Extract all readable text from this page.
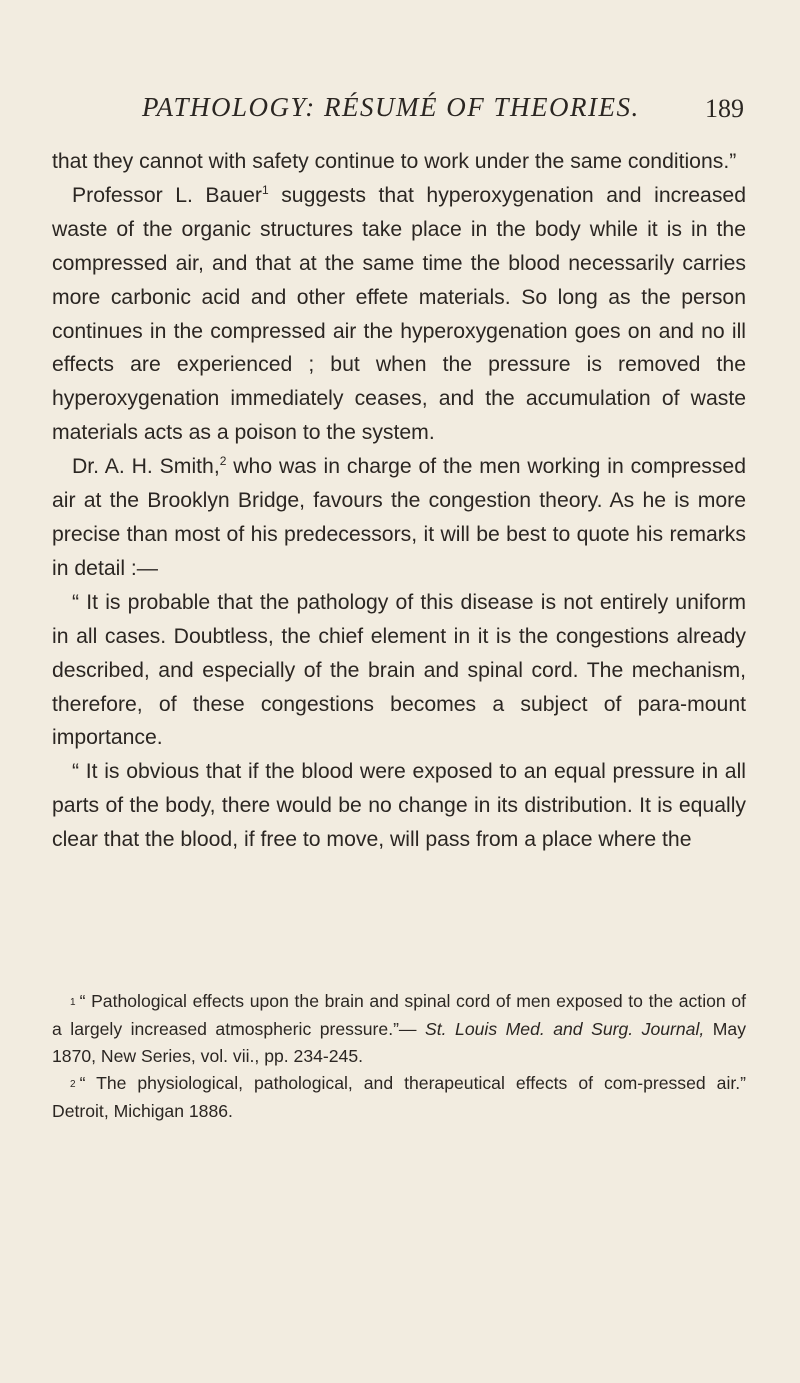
PATHOLOGY: RÉSUMÉ OF THEORIES.	189

that they cannot with safety continue to work under the same conditions.”

Professor L. Bauer$^1$ suggests that hyperoxygenation and increased waste of the organic structures take place in the body while it is in the compressed air, and that at the same time the blood necessarily carries more carbonic acid and other effete materials. So long as the person continues in the compressed air the hyperoxygenation goes on and no ill effects are experienced ; but when the pressure is removed the hyperoxygenation immediately ceases, and the accumulation of waste materials acts as a poison to the system.

Dr. A. H. Smith,$^2$ who was in charge of the men working in compressed air at the Brooklyn Bridge, favours the congestion theory. As he is more precise than most of his predecessors, it will be best to quote his remarks in detail :—

“ It is probable that the pathology of this disease is not entirely uniform in all cases. Doubtless, the chief element in it is the congestions already described, and especially of the brain and spinal cord. The mechanism, therefore, of these congestions becomes a subject of para-mount importance.

“ It is obvious that if the blood were exposed to an equal pressure in all parts of the body, there would be no change in its distribution. It is equally clear that the blood, if free to move, will pass from a place where the

1 “ Pathological effects upon the brain and spinal cord of men exposed to the action of a largely increased atmospheric pressure.”— St. Louis Med. and Surg. Journal, May 1870, New Series, vol. vii., pp. 234-245.

2 “ The physiological, pathological, and therapeutical effects of com-pressed air.” Detroit, Michigan 1886.
